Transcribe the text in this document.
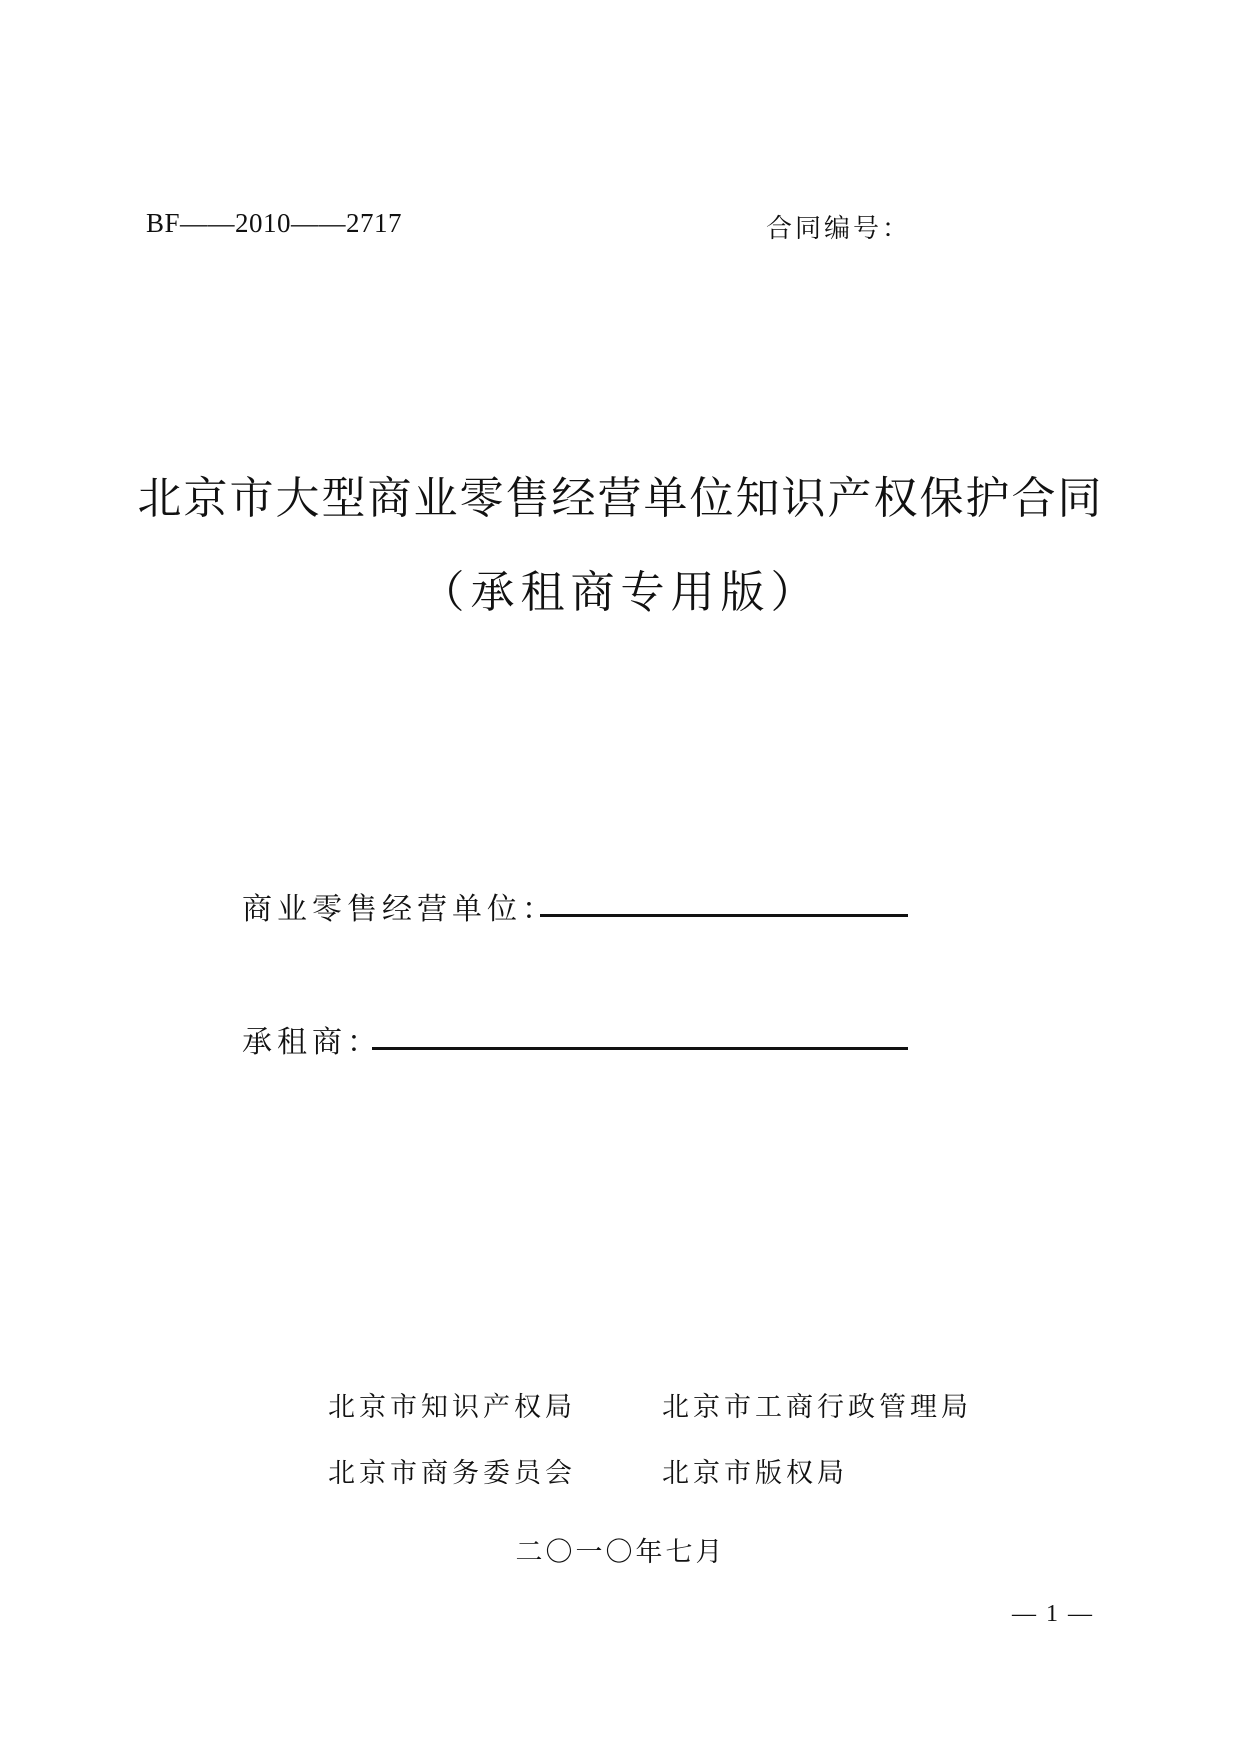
BF——2010——2717	合同编号：
北京市大型商业零售经营单位知识产权保护合同
（承租商专用版）
商业零售经营单位：
承租商：
北京市知识产权局	北京市工商行政管理局
北京市商务委员会	北京市版权局
二〇一〇年七月
— 1 —
